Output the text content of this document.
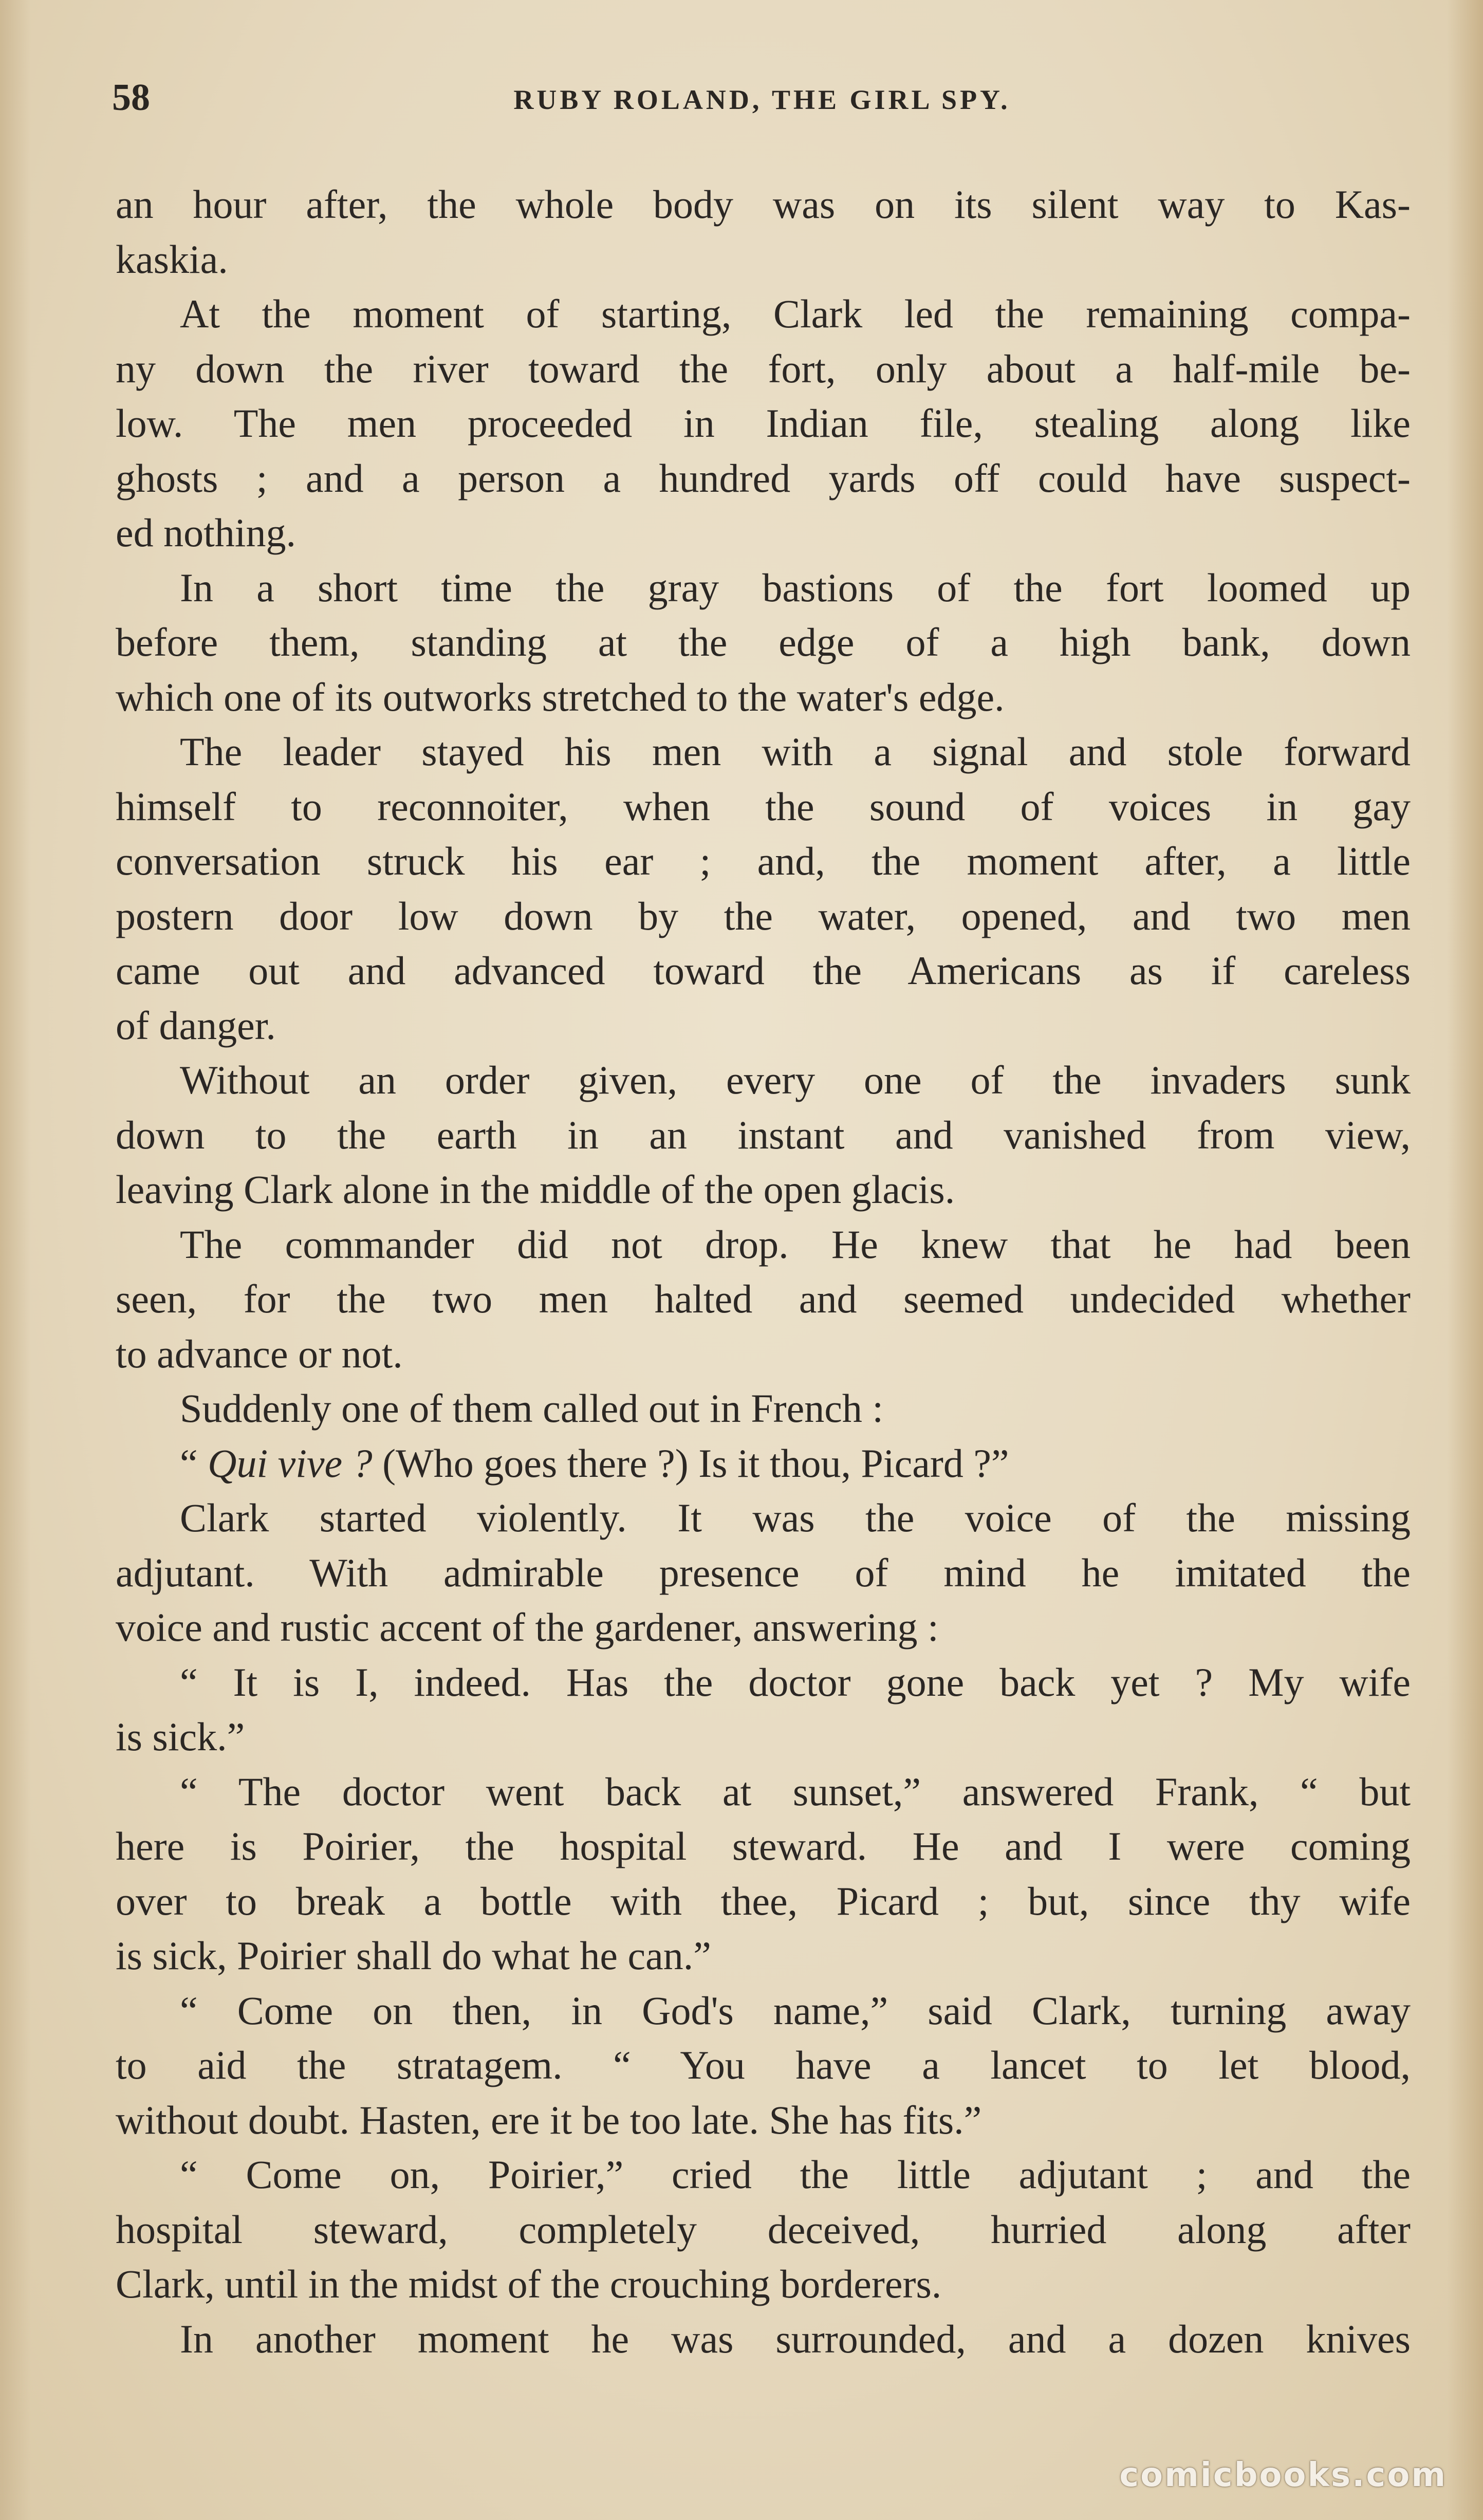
58	RUBY ROLAND, THE GIRL SPY.
an hour after, the whole body was on its silent way to Kas-
kaskia.
At the moment of starting, Clark led the remaining compa-
ny down the river toward the fort, only about a half-mile be-
low. The men proceeded in Indian file, stealing along like
ghosts ; and a person a hundred yards off could have suspect-
ed nothing.
In a short time the gray bastions of the fort loomed up
before them, standing at the edge of a high bank, down
which one of its outworks stretched to the water's edge.
The leader stayed his men with a signal and stole forward
himself to reconnoiter, when the sound of voices in gay
conversation struck his ear ; and, the moment after, a little
postern door low down by the water, opened, and two men
came out and advanced toward the Americans as if careless
of danger.
Without an order given, every one of the invaders sunk
down to the earth in an instant and vanished from view,
leaving Clark alone in the middle of the open glacis.
The commander did not drop. He knew that he had been
seen, for the two men halted and seemed undecided whether
to advance or not.
Suddenly one of them called out in French :
“ Qui vive ? (Who goes there ?) Is it thou, Picard ?”
Clark started violently. It was the voice of the missing
adjutant. With admirable presence of mind he imitated the
voice and rustic accent of the gardener, answering :
“ It is I, indeed. Has the doctor gone back yet ? My wife
is sick.”
“ The doctor went back at sunset,” answered Frank, “ but
here is Poirier, the hospital steward. He and I were coming
over to break a bottle with thee, Picard ; but, since thy wife
is sick, Poirier shall do what he can.”
“ Come on then, in God's name,” said Clark, turning away
to aid the stratagem. “ You have a lancet to let blood,
without doubt. Hasten, ere it be too late. She has fits.”
“ Come on, Poirier,” cried the little adjutant ; and the
hospital steward, completely deceived, hurried along after
Clark, until in the midst of the crouching borderers.
In another moment he was surrounded, and a dozen knives
comicbooks.com
